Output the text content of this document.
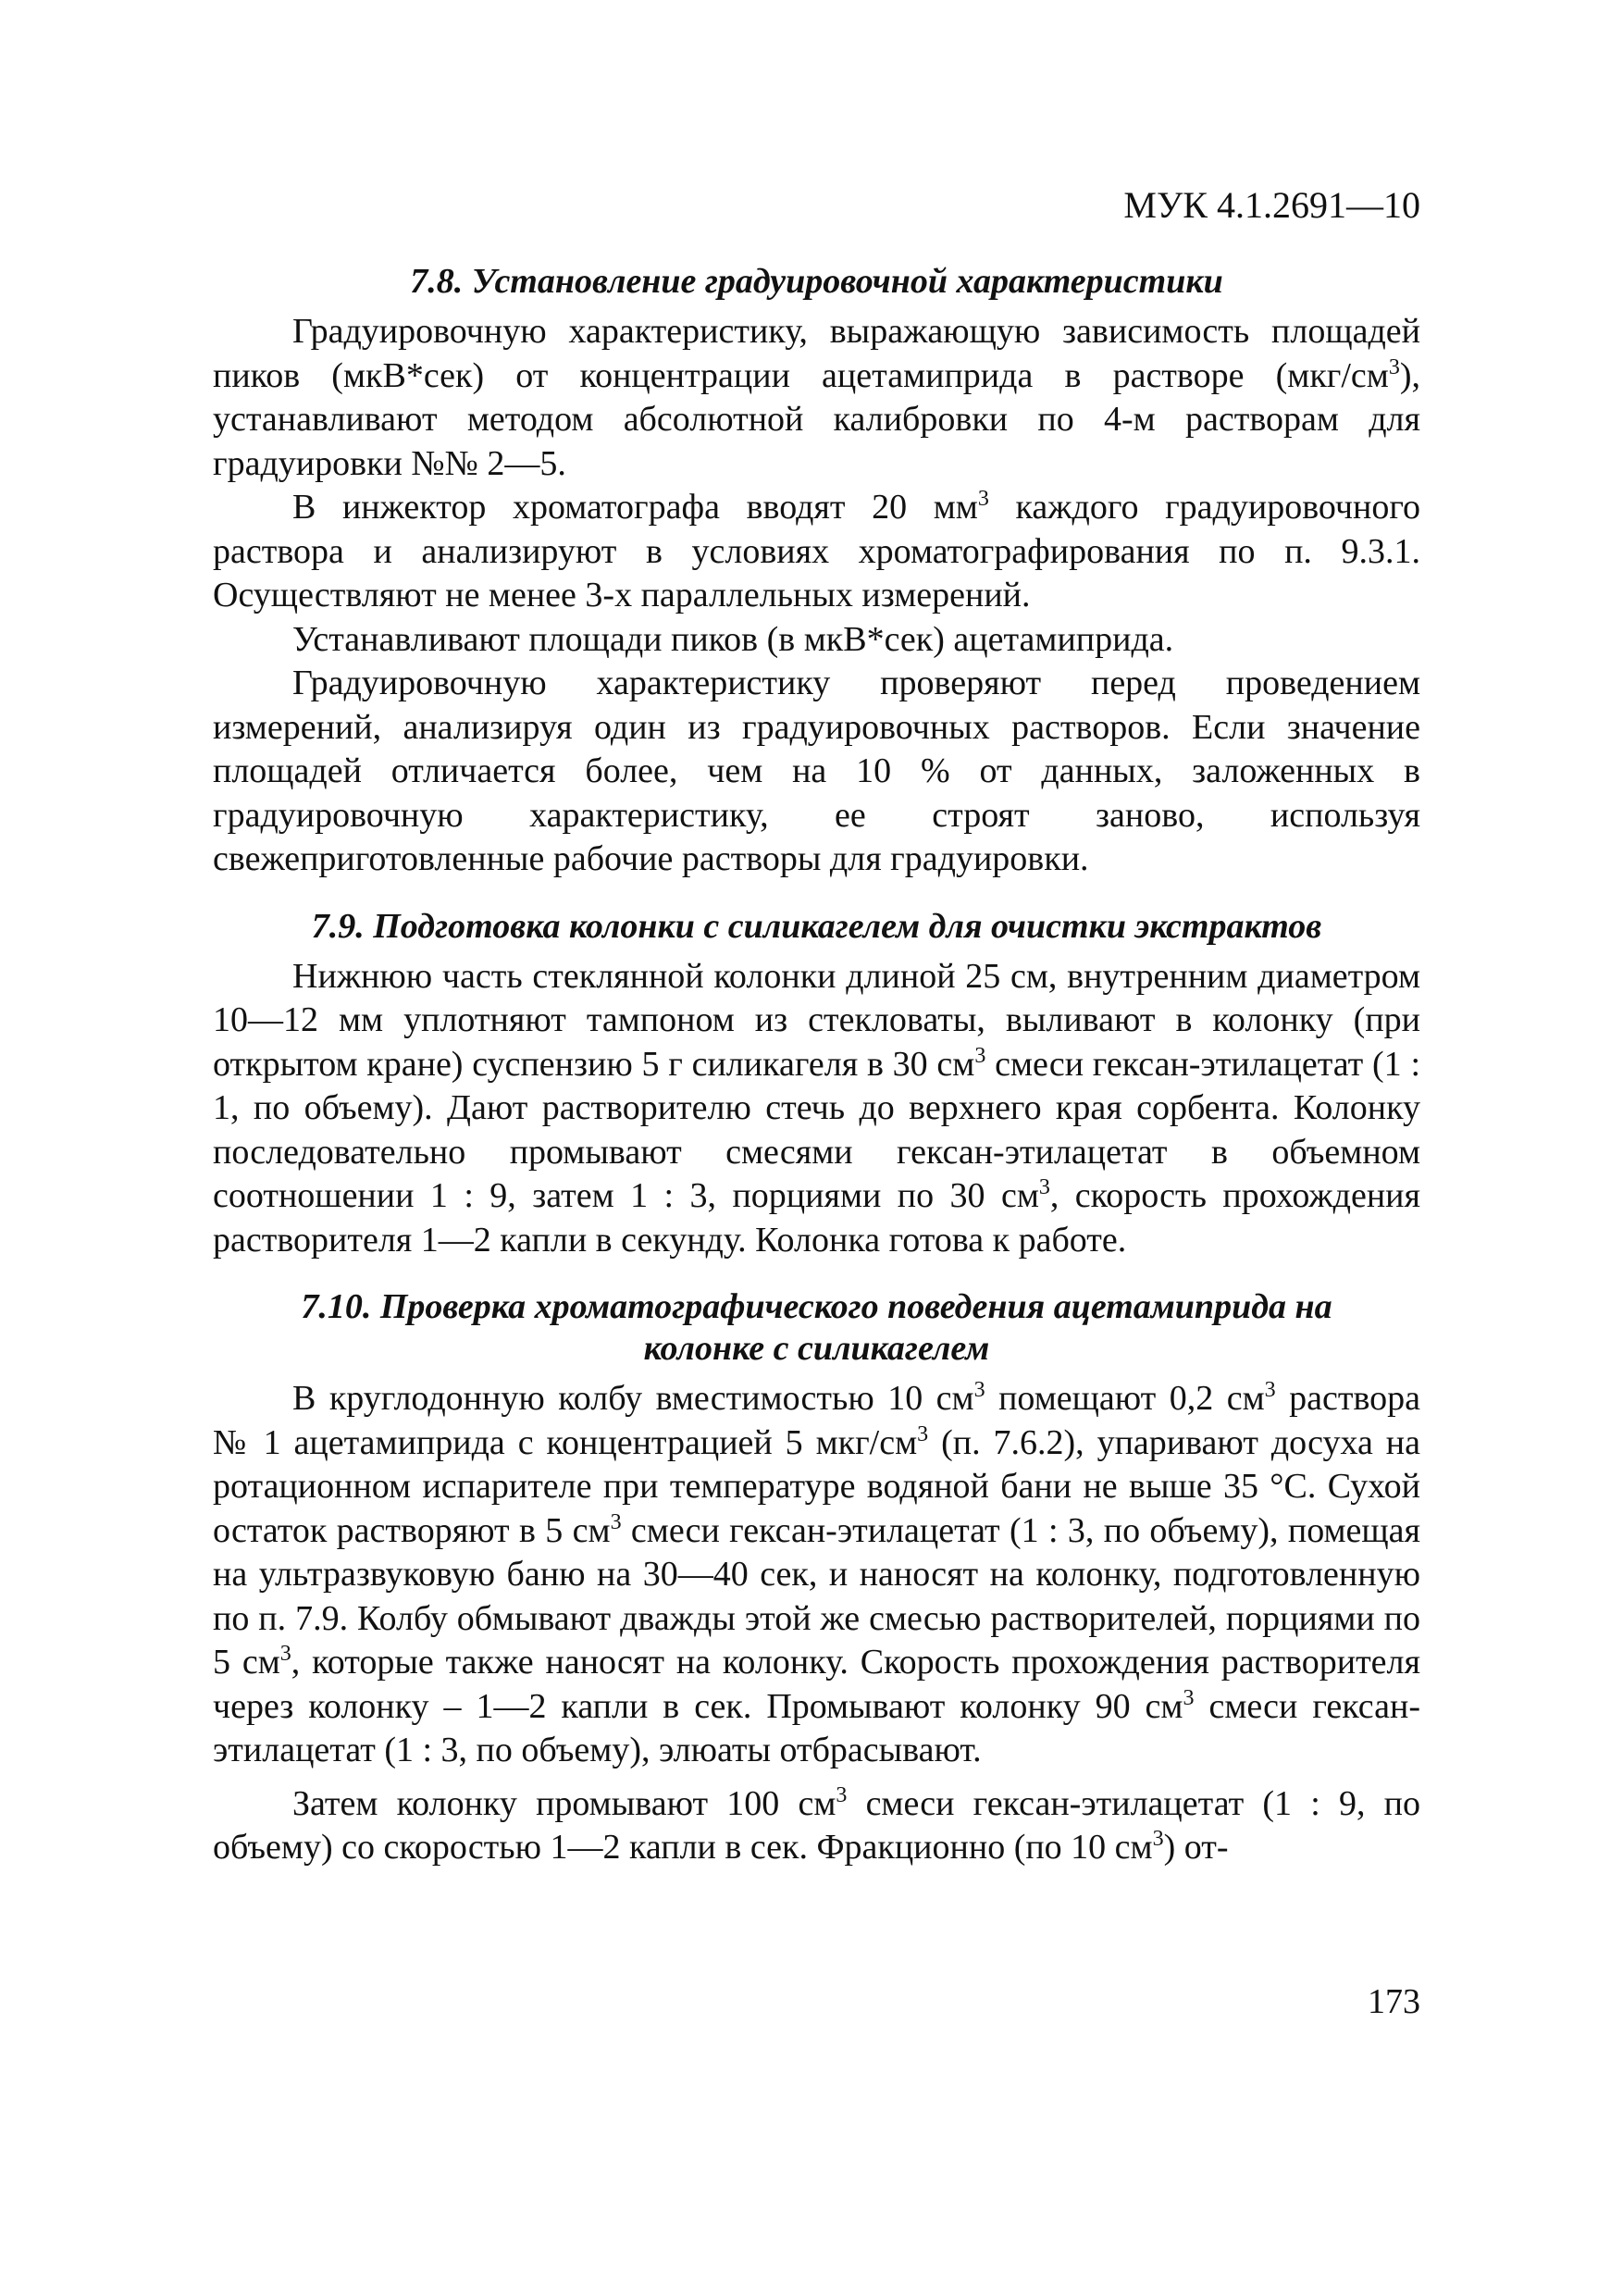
МУК 4.1.2691—10
7.8. Установление градуировочной характеристики

Градуировочную характеристику, выражающую зависимость площадей пиков (мкВ*сек) от концентрации ацетамиприда в растворе $(мкг/см^3)$, устанавливают методом абсолютной калибровки по 4-м растворам для градуировки №№ 2—5.

В инжектор хроматографа вводят 20 $мм^3$ каждого градуировочного раствора и анализируют в условиях хроматографирования по п. 9.3.1. Осуществляют не менее 3-х параллельных измерений.

Устанавливают площади пиков (в мкВ*сек) ацетамиприда.

Градуировочную характеристику проверяют перед проведением измерений, анализируя один из градуировочных растворов. Если значение площадей отличается более, чем на 10 % от данных, заложенных в градуировочную характеристику, ее строят заново, используя свежеприготовленные рабочие растворы для градуировки.

7.9. Подготовка колонки с силикагелем для очистки экстрактов

Нижнюю часть стеклянной колонки длиной 25 см, внутренним диаметром 10—12 мм уплотняют тампоном из стекловаты, выливают в колонку (при открытом кране) суспензию 5 г силикагеля в 30 $см^3$ смеси гексан-этилацетат (1 : 1, по объему). Дают растворителю стечь до верхнего края сорбента. Колонку последовательно промывают смесями гексан-этилацетат в объемном соотношении 1 : 9, затем 1 : 3, порциями по 30 $см^3$, скорость прохождения растворителя 1—2 капли в секунду. Колонка готова к работе.

7.10. Проверка хроматографического поведения ацетамиприда на
колонке с силикагелем

В круглодонную колбу вместимостью 10 $см^3$ помещают 0,2 $см^3$ раствора № 1 ацетамиприда с концентрацией 5 мкг/$см^3$ (п. 7.6.2), упаривают досуха на ротационном испарителе при температуре водяной бани не выше 35 °С. Сухой остаток растворяют в 5 $см^3$ смеси гексан-этилацетат (1 : 3, по объему), помещая на ультразвуковую баню на 30—40 сек, и наносят на колонку, подготовленную по п. 7.9. Колбу обмывают дважды этой же смесью растворителей, порциями по 5 $см^3$, которые также наносят на колонку. Скорость прохождения растворителя через колонку – 1—2 капли в сек. Промывают колонку 90 $см^3$ смеси гексан-этилацетат (1 : 3, по объему), элюаты отбрасывают.

Затем колонку промывают 100 $см^3$ смеси гексан-этилацетат (1 : 9, по объему) со скоростью 1—2 капли в сек. Фракционно (по 10 $см^3$) от-

173
